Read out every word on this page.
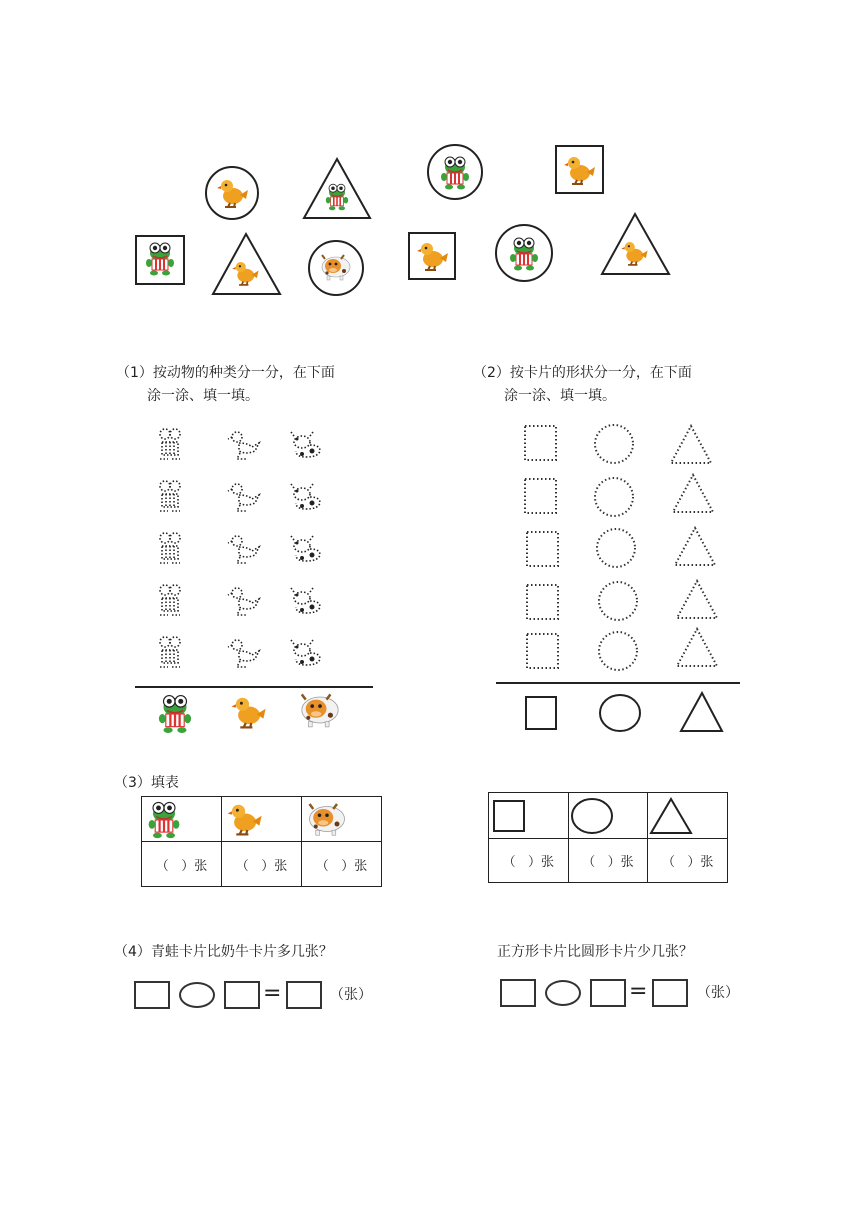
（1）按动物的种类分一分，在下面
涂一涂、填一填。
（2）按卡片的形状分一分，在下面
涂一涂、填一填。
（3）填表

（   ）张	（   ）张	（   ）张

		（   ）张	（   ）张	（   ）张
（4）青蛙卡片比奶牛卡片多几张？	正方形卡片比圆形卡片少几张？
=	（张）	=	（张）
